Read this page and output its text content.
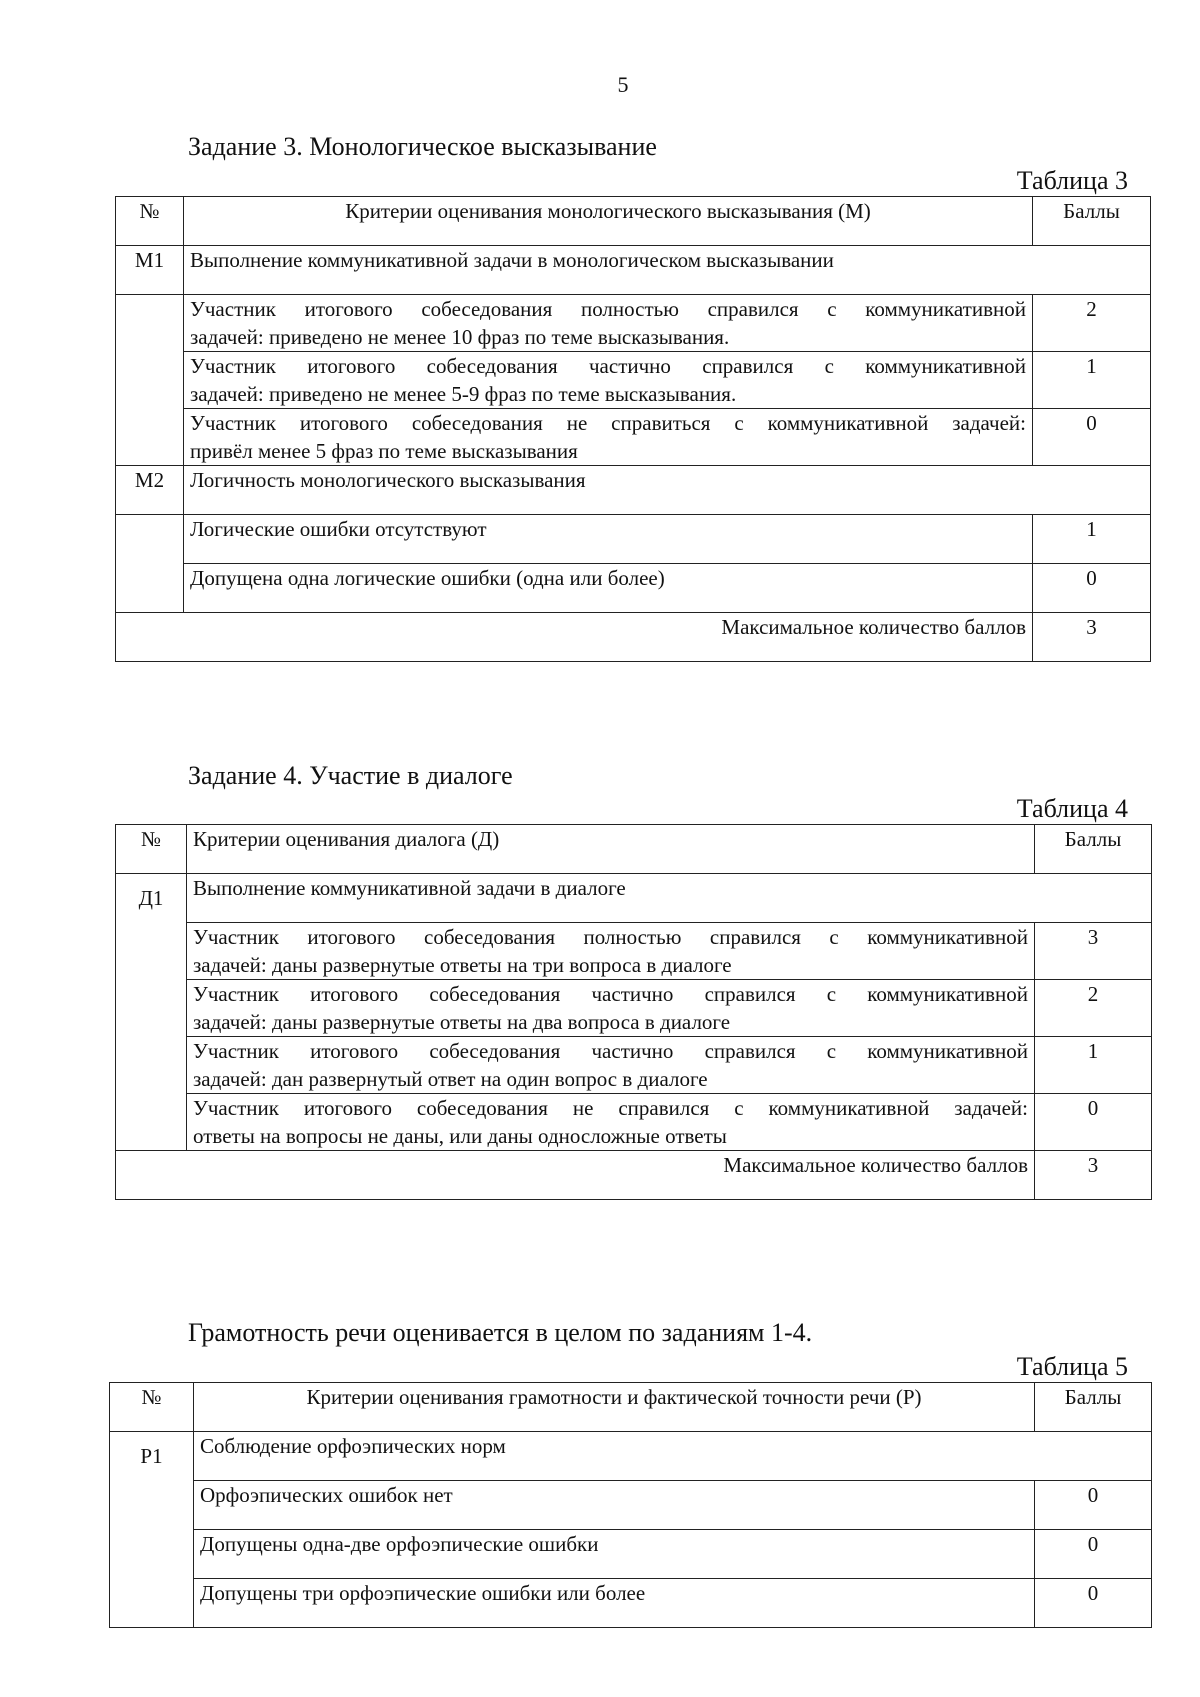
5
Задание 3. Монологическое высказывание
Таблица 3
№	Критерии оценивания монологического высказывания (М)	Баллы
М1	Выполнение коммуникативной задачи в монологическом высказывании	
	Участник итогового собеседования полностью справился с коммуникативной
задачей: приведено не менее 10 фраз по теме высказывания.	2
	Участник итогового собеседования частично справился с коммуникативной
задачей: приведено не менее 5-9 фраз по теме высказывания.	1
	Участник итогового собеседования не справиться с коммуникативной задачей:
привёл менее 5 фраз по теме высказывания	0
М2	Логичность монологического высказывания	
	Логические ошибки отсутствуют	1
	Допущена одна логические ошибки (одна или более)	0
Максимальное количество баллов		3
Задание 4. Участие в диалоге
Таблица 4
№	Критерии оценивания диалога (Д)	Баллы
Д1	Выполнение коммуникативной задачи в диалоге	
	Участник итогового собеседования полностью справился с коммуникативной
задачей: даны развернутые ответы на три вопроса в диалоге	3
	Участник итогового собеседования частично справился с коммуникативной
задачей: даны развернутые ответы на два вопроса в диалоге	2
	Участник итогового собеседования частично справился с коммуникативной
задачей: дан развернутый ответ на один вопрос в диалоге	1
	Участник итогового собеседования не справился с коммуникативной задачей:
ответы на вопросы не даны, или даны односложные ответы	0
Максимальное количество баллов		3
Грамотность речи оценивается в целом по заданиям 1-4.
Таблица 5
№	Критерии оценивания грамотности и фактической точности речи (Р)	Баллы
Р1	Соблюдение орфоэпических норм	
	Орфоэпических ошибок нет	0
	Допущены одна-две орфоэпические ошибки	0
	Допущены три орфоэпические ошибки или более	0
